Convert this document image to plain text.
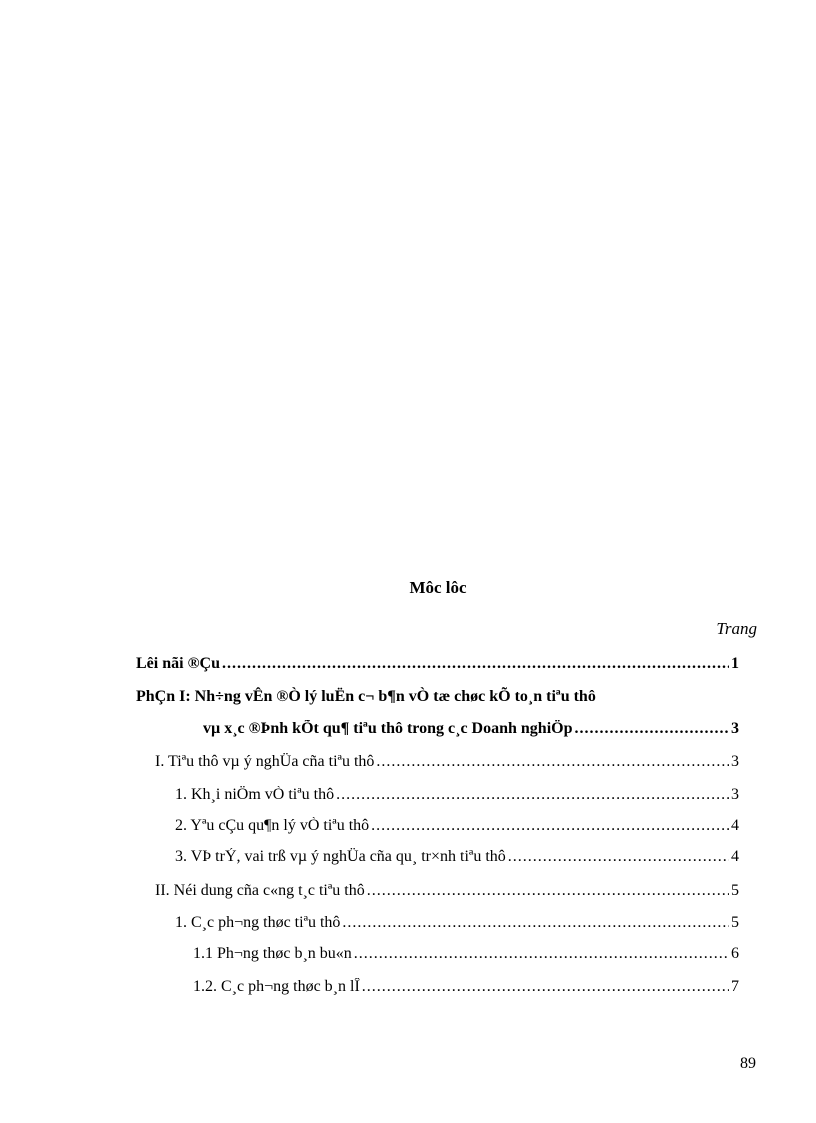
Môc lôc
Trang
Lêi nãi ®Çu .....	1
PhÇn I: Nh÷ng vÊn ®Ò lý luËn c¬ b¶n vÒ tæ chøc kÕ to¸n tiªu thô
vµ x¸c ®Þnh kÕt qu¶ tiªu thô trong c¸c Doanh nghiÖp .....	3
I. Tiªu thô vµ ý nghÜa cña tiªu thô .....	3
1. Kh¸i niÖm vÒ tiªu thô .....	3
2. Yªu cÇu qu¶n lý vÒ tiªu thô .....	4
3. VÞ trÝ, vai trß vµ ý nghÜa cña qu¸ tr×nh tiªu thô .....	4
II. Néi dung cña c«ng t¸c tiªu thô .....	5
1. C¸c ph¬ng thøc tiªu thô .....	5
1.1 Ph¬ng thøc b¸n bu«n .....	6
1.2. C¸c ph¬ng thøc b¸n lÎ .....	7
89
